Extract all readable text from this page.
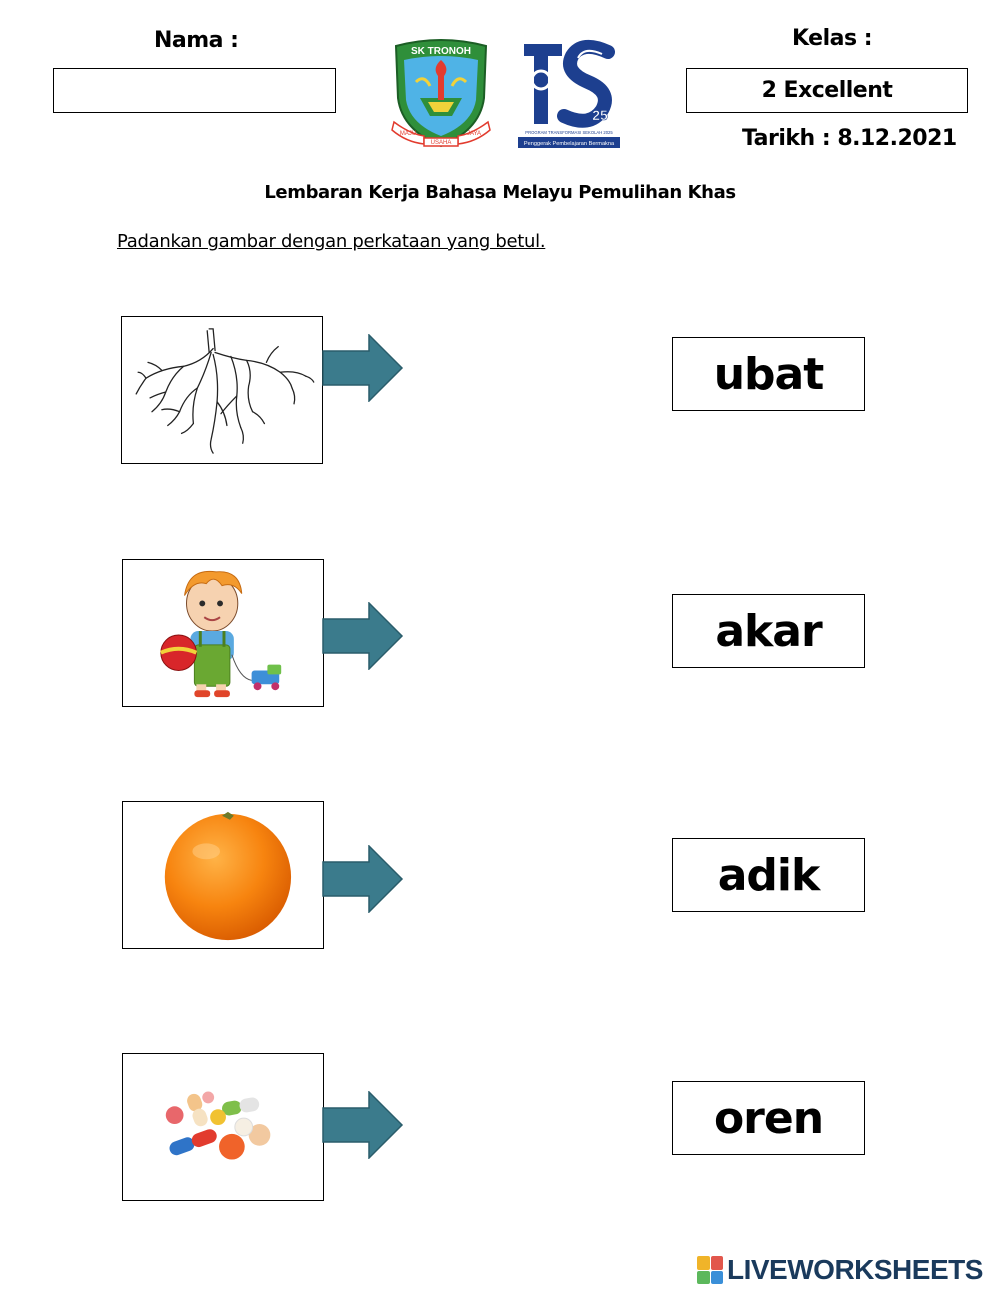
Nama :	Kelas :
2 Excellent
Tarikh : 8.12.2021
SK TRONOH
MAJU	JAYA
USAHA
25
PROGRAM TRANSFORMASI SEKOLAH 2025
Penggerak Pembelajaran Bermakna
Lembaran Kerja Bahasa Melayu Pemulihan Khas
Padankan gambar dengan perkataan yang betul.
ubat
akar
adik
oren
LIVEWORKSHEETS
